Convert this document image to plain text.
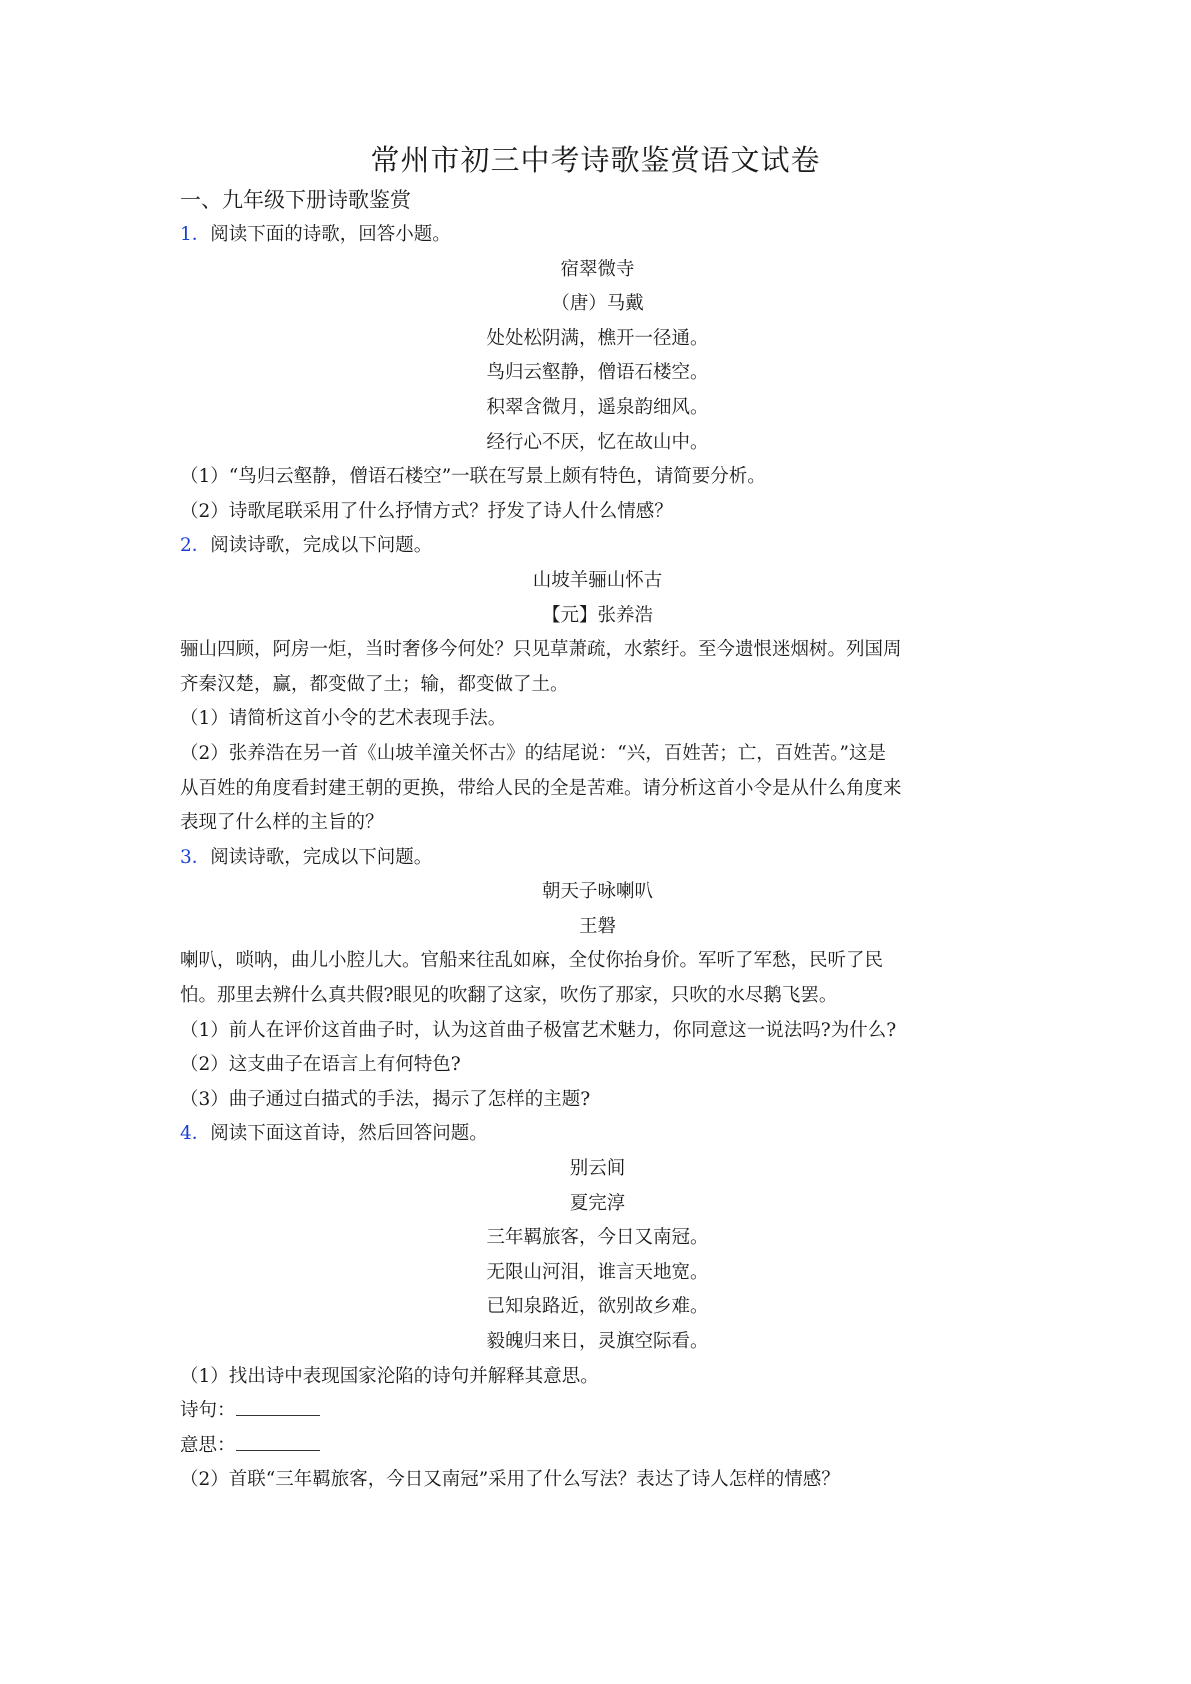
常州市初三中考诗歌鉴赏语文试卷
一、九年级下册诗歌鉴赏
1．阅读下面的诗歌，回答小题。
宿翠微寺
（唐）马戴
处处松阴满，樵开一径通。
鸟归云壑静，僧语石楼空。
积翠含微月，遥泉韵细风。
经行心不厌，忆在故山中。
（1）“鸟归云壑静，僧语石楼空”一联在写景上颇有特色，请简要分析。
（2）诗歌尾联采用了什么抒情方式？抒发了诗人什么情感？
2．阅读诗歌，完成以下问题。
山坡羊骊山怀古
【元】张养浩
骊山四顾，阿房一炬，当时奢侈今何处？只见草萧疏，水萦纡。至今遗恨迷烟树。列国周
齐秦汉楚，赢，都变做了土；输，都变做了土。
（1）请简析这首小令的艺术表现手法。
（2）张养浩在另一首《山坡羊潼关怀古》的结尾说：“兴，百姓苦；亡，百姓苦。”这是
从百姓的角度看封建王朝的更换，带给人民的全是苦难。请分析这首小令是从什么角度来
表现了什么样的主旨的？
3．阅读诗歌，完成以下问题。
朝天子咏喇叭
王磐
喇叭，唢呐，曲儿小腔儿大。官船来往乱如麻，全仗你抬身价。军听了军愁，民听了民
怕。那里去辨什么真共假?眼见的吹翻了这家，吹伤了那家，只吹的水尽鹅飞罢。
（1）前人在评价这首曲子时，认为这首曲子极富艺术魅力，你同意这一说法吗?为什么?
（2）这支曲子在语言上有何特色?
（3）曲子通过白描式的手法，揭示了怎样的主题?
4．阅读下面这首诗，然后回答问题。
别云间
夏完淳
三年羁旅客，今日又南冠。
无限山河泪，谁言天地宽。
已知泉路近，欲别故乡难。
毅魄归来日，灵旗空际看。
（1）找出诗中表现国家沦陷的诗句并解释其意思。
诗句：
意思：
（2）首联“三年羁旅客，今日又南冠”采用了什么写法？表达了诗人怎样的情感？
